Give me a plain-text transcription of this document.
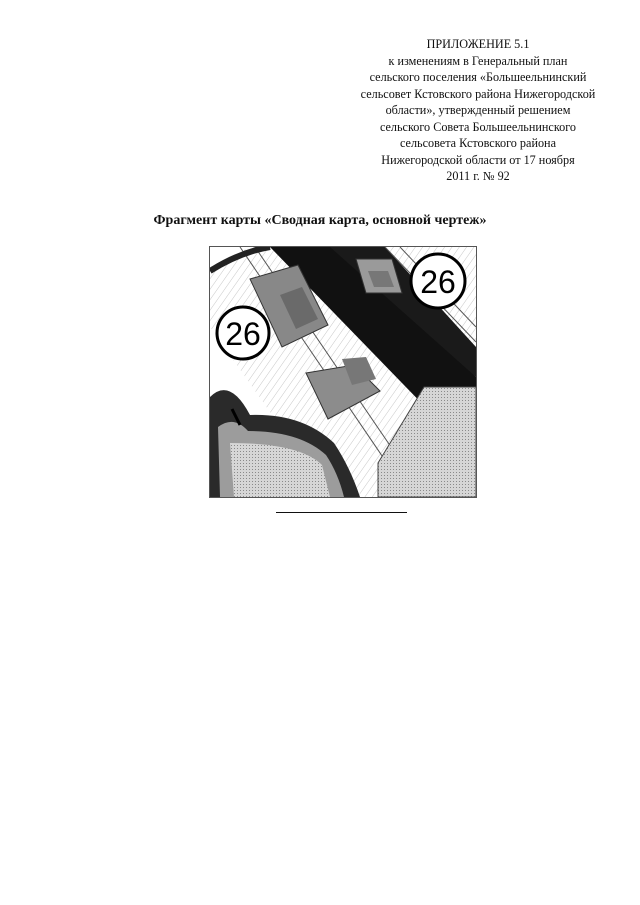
ПРИЛОЖЕНИЕ 5.1
к изменениям в Генеральный план
сельского поселения «Большеельнинский
сельсовет Кстовского района Нижегородской
области», утвержденный решением
сельского Совета Большеельнинского
сельсовета Кстовского района
Нижегородской области от 17 ноября
2011 г. № 92
Фрагмент карты «Сводная карта, основной чертеж»
26
26
